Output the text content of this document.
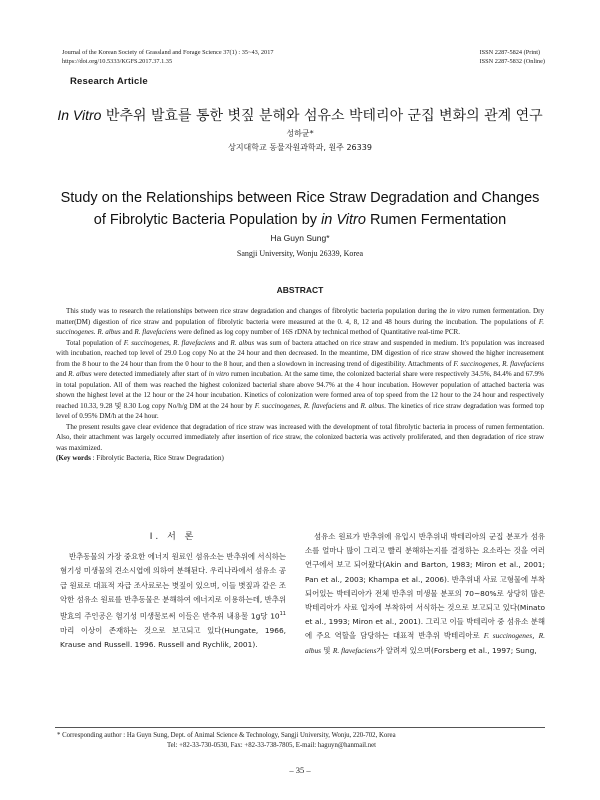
Journal of the Korean Society of Grassland and Forage Science 37(1) : 35~43, 2017
https://doi.org/10.5333/KGFS.2017.37.1.35
ISSN 2287-5824 (Print)
ISSN 2287-5832 (Online)
Research Article
In Vitro 반추위 발효를 통한 볏짚 분해와 섬유소 박테리아 군집 변화의 관계 연구
성하균*
상지대학교 동물자원과학과, 원주 26339
Study on the Relationships between Rice Straw Degradation and Changes
of Fibrolytic Bacteria Population by in Vitro Rumen Fermentation
Ha Guyn Sung*
Sangji University, Wonju 26339, Korea
ABSTRACT

This study was to research the relationships between rice straw degradation and changes of fibrolytic bacteria population during the in vitro rumen fermentation. Dry matter(DM) digestion of rice straw and population of fibrolytic bacteria were measured at the 0. 4, 8, 12 and 48 hours during the incubation. The populations of F. succinogenes. R. albus and R. flavefaciens were defined as log copy number of 16S rDNA by technical method of Quantitative real-time PCR.

Total population of F. succinogenes, R. flavefaciens and R. albus was sum of bactera attached on rice straw and suspended in medium. It's population was increased with incubation, reached top level of 29.0 Log copy No at the 24 hour and then decreased. In the meantime, DM digestion of rice straw showed the higher increasement from the 8 hour to the 24 hour than from the 0 hour to the 8 hour, and then a slowdown in increasing trend of digestibility. Attachments of F. succinogenes, R. flavefaciens and R. albus were detected immediately after start of in vitro rumen incubation. At the same time, the colonized bacterial share were respectively 34.5%, 84.4% and 67.9% in total population. All of them was reached the highest colonized bacterial share above 94.7% at the 4 hour incubation. However population of attached bacteria was shown the highest level at the 12 hour or the 24 hour incubation. Kinetics of colonization were formed area of top speed from the 12 hour to the 24 hour and respectively reached 10.33, 9.28 및 8.30 Log copy No/h/g DM at the 24 hour by F. succinogenes, R. flavefaciens and R. albus. The kinetics of rice straw degradation was formed top level of 0.95% DM/h at the 24 hour.

The present results gave clear evidence that degradation of rice straw was increased with the development of total fibrolytic bacteria in process of rumen fermentation. Also, their attachment was largely occurred immediately after insertion of rice straw, the colonized bacteria was actively proliferated, and then degradation of rice straw was maximized.

(Key words : Fibrolytic Bacteria, Rice Straw Degradation)

Ⅰ. 서 론

반추동물의 가장 중요한 에너지 원료인 섬유소는 반추위에 서식하는 혐기성 미생물의 견소시엽에 의하여 분해된다. 우리나라에서 섬유소 공급 원료로 대표적 자급 조사료로는 볏짚이 있으며, 이들 볏짚과 같은 조악한 섬유소 원료를 반추동물은 분해하여 에너지로 이용하는데, 반추위 발효의 주인공은 혐기성 미생물로써 이들은 반추위 내용물 1g당 $10^{11}$ 마리 이상이 존재하는 것으로 보고되고 있다(Hungate, 1966, Krause and Russell. 1996. Russell and Rychlik, 2001).

섬유소 원료가 반추위에 유입시 반추위내 박테리아의 군집 분포가 섬유소를 얼마나 많이 그리고 빨리 분해하는지를 결정하는 요소라는 것을 여러 연구에서 보고 되어왔다(Akin and Barton, 1983; Miron et al., 2001; Pan et al., 2003; Khampa et al., 2006). 반추위내 사료 고형물에 부착되어있는 박테리아가 전체 반추위 미생물 분포의 70~80%로 상당히 많은 박테리아가 사료 입자에 부착하여 서식하는 것으로 보고되고 있다(Minato et al., 1993; Miron et al., 2001). 그리고 이들 박테리아 중 섬유소 분해에 주요 역할을 담당하는 대표적 반추위 박테리아로 F. succinogenes, R. albus 및 R. flavefaciens가 알려져 있으며(Forsberg et al., 1997; Sung,

* Corresponding author : Ha Guyn Sung, Dept. of Animal Science & Technology, Sangji University, Wonju, 220-702, Korea
Tel: +82-33-730-0530, Fax: +82-33-738-7805, E-mail: haguyn@hanmail.net
– 35 –
